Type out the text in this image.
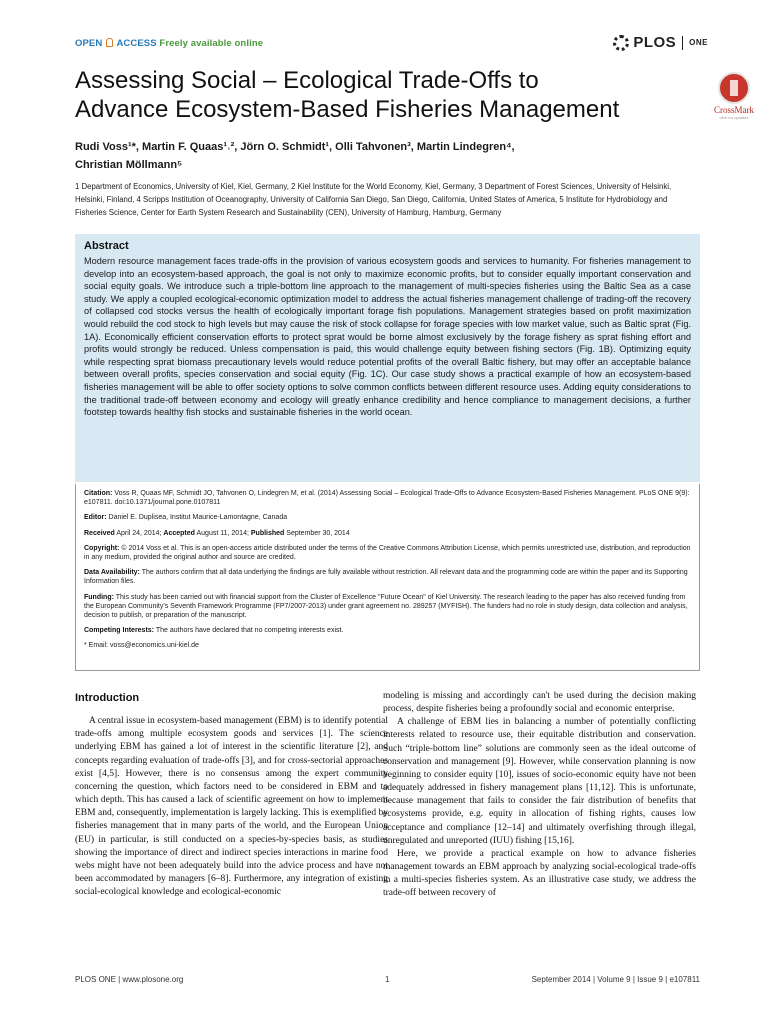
OPEN ACCESS Freely available online	PLOS ONE
Assessing Social – Ecological Trade-Offs to Advance Ecosystem-Based Fisheries Management	CrossMark
click for updates
Rudi Voss¹*, Martin F. Quaas¹˒², Jörn O. Schmidt¹, Olli Tahvonen³, Martin Lindegren⁴,
Christian Möllmann⁵
1 Department of Economics, University of Kiel, Kiel, Germany, 2 Kiel Institute for the World Economy, Kiel, Germany, 3 Department of Forest Sciences, University of Helsinki, Helsinki, Finland, 4 Scripps Institution of Oceanography, University of California San Diego, San Diego, California, United States of America, 5 Institute for Hydrobiology and Fisheries Science, Center for Earth System Research and Sustainability (CEN), University of Hamburg, Hamburg, Germany
Abstract
Modern resource management faces trade-offs in the provision of various ecosystem goods and services to humanity. For fisheries management to develop into an ecosystem-based approach, the goal is not only to maximize economic profits, but to consider equally important conservation and social equity goals. We introduce such a triple-bottom line approach to the management of multi-species fisheries using the Baltic Sea as a case study. We apply a coupled ecological-economic optimization model to address the actual fisheries management challenge of trading-off the recovery of collapsed cod stocks versus the health of ecologically important forage fish populations. Management strategies based on profit maximization would rebuild the cod stock to high levels but may cause the risk of stock collapse for forage species with low market value, such as Baltic sprat (Fig. 1A). Economically efficient conservation efforts to protect sprat would be borne almost exclusively by the forage fishery as sprat fishing effort and profits would strongly be reduced. Unless compensation is paid, this would challenge equity between fishing sectors (Fig. 1B). Optimizing equity while respecting sprat biomass precautionary levels would reduce potential profits of the overall Baltic fishery, but may offer an acceptable balance between overall profits, species conservation and social equity (Fig. 1C). Our case study shows a practical example of how an ecosystem-based fisheries management will be able to offer society options to solve common conflicts between different resource uses. Adding equity considerations to the traditional trade-off between economy and ecology will greatly enhance credibility and hence compliance to management decisions, a further footstep towards healthy fish stocks and sustainable fisheries in the world ocean.
Citation: Voss R, Quaas MF, Schmidt JO, Tahvonen O, Lindegren M, et al. (2014) Assessing Social – Ecological Trade-Offs to Advance Ecosystem-Based Fisheries Management. PLoS ONE 9(9): e107811. doi:10.1371/journal.pone.0107811
Editor: Daniel E. Duplisea, Institut Maurice-Lamontagne, Canada
Received April 24, 2014; Accepted August 11, 2014; Published September 30, 2014
Copyright: © 2014 Voss et al. This is an open-access article distributed under the terms of the Creative Commons Attribution License, which permits unrestricted use, distribution, and reproduction in any medium, provided the original author and source are credited.
Data Availability: The authors confirm that all data underlying the findings are fully available without restriction. All relevant data and the programming code are within the paper and its Supporting Information files.
Funding: This study has been carried out with financial support from the Cluster of Excellence "Future Ocean" of Kiel University. The research leading to the paper has also received funding from the European Community's Seventh Framework Programme (FP7/2007-2013) under grant agreement no. 289257 (MYFISH). The funders had no role in study design, data collection and analysis, decision to publish, or preparation of the manuscript.
Competing Interests: The authors have declared that no competing interests exist.
* Email: voss@economics.uni-kiel.de
Introduction

A central issue in ecosystem-based management (EBM) is to identify potential trade-offs among multiple ecosystem goods and services [1]. The science underlying EBM has gained a lot of interest in the scientific literature [2], and concepts regarding evaluation of trade-offs [3], and for cross-sectorial approaches exist [4,5]. However, there is no consensus among the expert community concerning the question, which factors need to be considered in EBM and to which depth. This has caused a lack of scientific agreement on how to implement EBM and, consequently, implementation is largely lacking. This is exemplified by fisheries management that in many parts of the world, and the European Union (EU) in particular, is still conducted on a species-by-species basis, as studies showing the importance of direct and indirect species interactions in marine food webs might have not been adequately build into the advice process and have not been accommodated by managers [6–8]. Furthermore, any integration of existing social-ecological knowledge and ecological-economic

modeling is missing and accordingly can't be used during the decision making process, despite fisheries being a profoundly social and economic enterprise.

A challenge of EBM lies in balancing a number of potentially conflicting interests related to resource use, their equitable distribution and conservation. Such “triple-bottom line” solutions are commonly seen as the ideal outcome of conservation and management [9]. However, while conservation planning is now beginning to consider equity [10], issues of socio-economic equity have not been adequately addressed in fishery management plans [11,12]. This is unfortunate, because management that fails to consider the fair distribution of benefits that ecosystems provide, e.g. equity in allocation of fishing rights, causes low acceptance and compliance [12–14] and ultimately overfishing through illegal, unregulated and unreported (IUU) fishing [15,16].

Here, we provide a practical example on how to advance fisheries management towards an EBM approach by analyzing social-ecological trade-offs in a multi-species fisheries system. As an illustrative case study, we address the trade-off between recovery of

PLOS ONE | www.plosone.org	1	September 2014 | Volume 9 | Issue 9 | e107811
